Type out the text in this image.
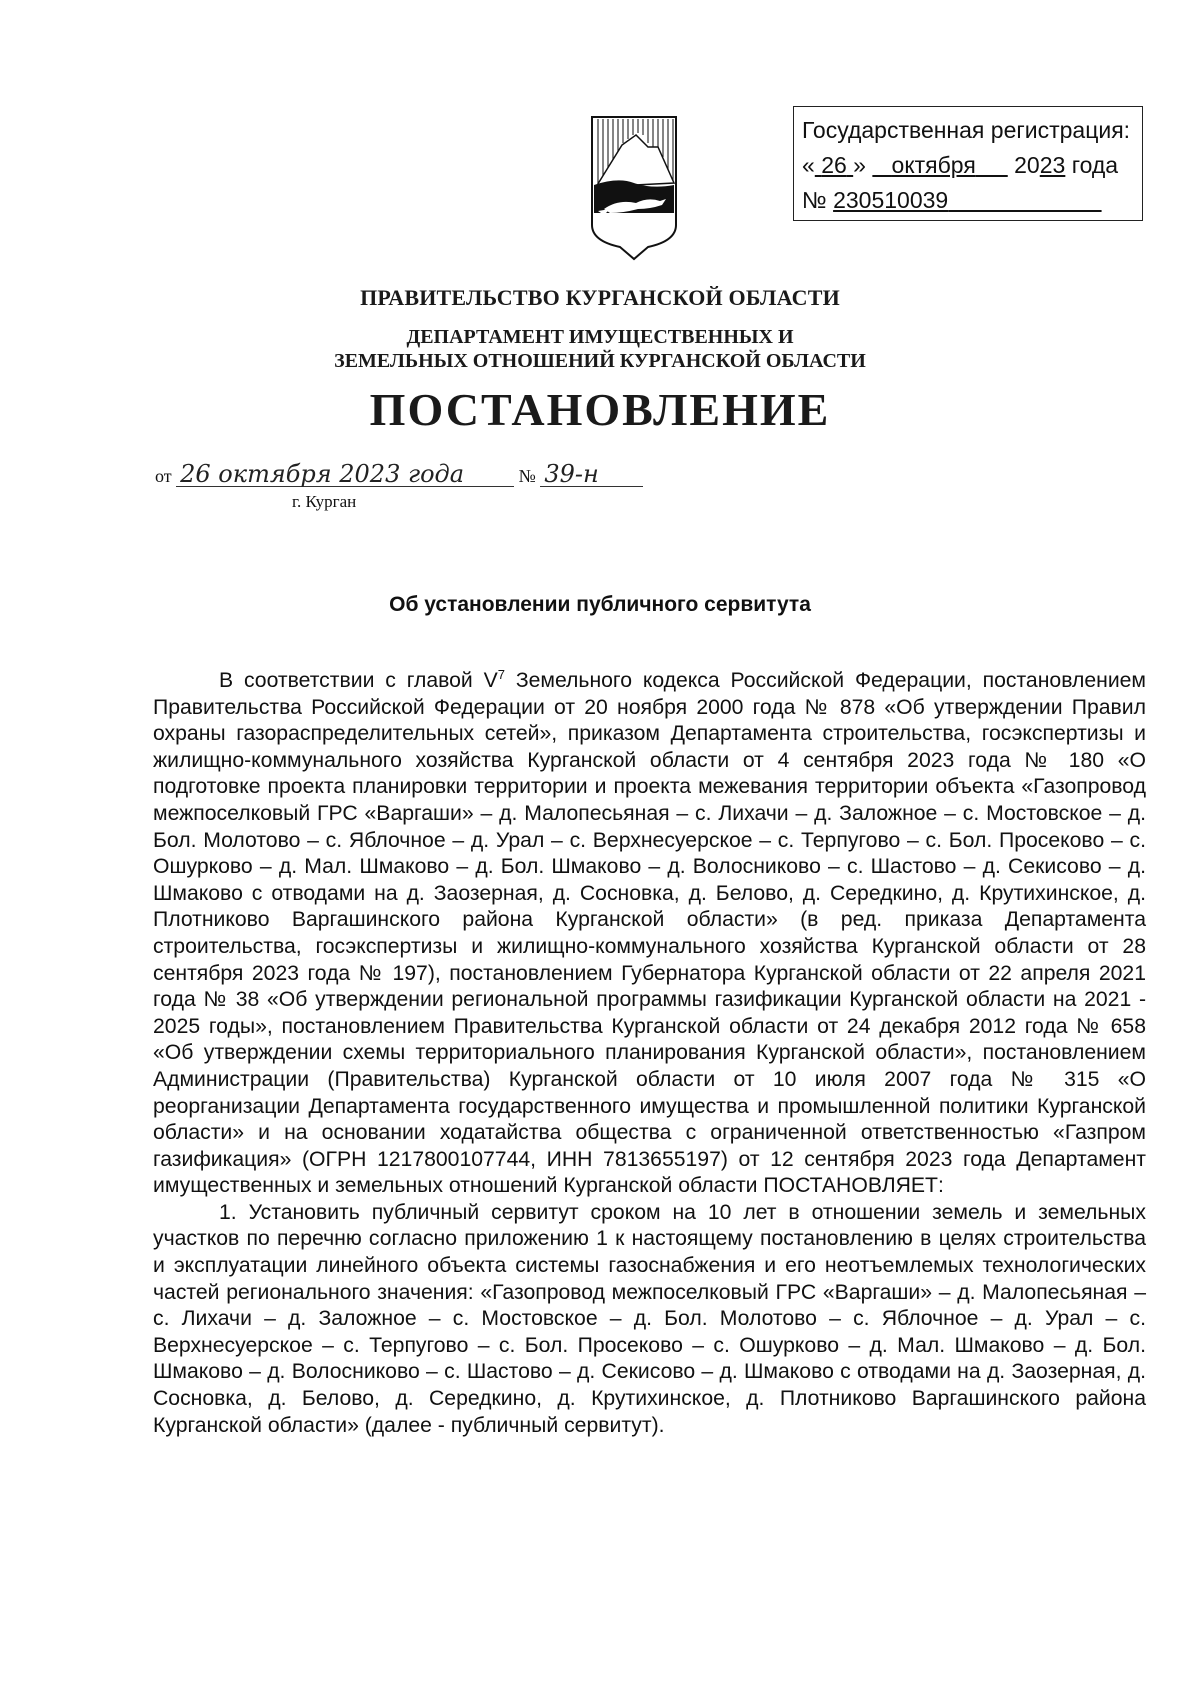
Государственная регистрация:
« 26 »    октября 2023 года
№ 230510039
ПРАВИТЕЛЬСТВО КУРГАНСКОЙ ОБЛАСТИ
ДЕПАРТАМЕНТ ИМУЩЕСТВЕННЫХ И
ЗЕМЕЛЬНЫХ ОТНОШЕНИЙ КУРГАНСКОЙ ОБЛАСТИ
ПОСТАНОВЛЕНИЕ
от 26 октября 2023 года	№ 39-н
г. Курган
Об установлении публичного сервитута

В соответствии с главой $V^7$ Земельного кодекса Российской Федерации, постановлением Правительства Российской Федерации от 20 ноября 2000 года № 878 «Об утверждении Правил охраны газораспределительных сетей», приказом Департамента строительства, госэкспертизы и жилищно-коммунального хозяйства Курганской области от 4 сентября 2023 года № 180 «О подготовке проекта планировки территории и проекта межевания территории объекта «Газопровод межпоселковый ГРС «Варгаши» – д. Малопесьяная – с. Лихачи – д. Заложное – с. Мостовское – д. Бол. Молотово – с. Яблочное – д. Урал – с. Верхнесуерское – с. Терпугово – с. Бол. Просеково – с. Ошурково – д. Мал. Шмаково – д. Бол. Шмаково – д. Волосниково – с. Шастово – д. Секисово – д. Шмаково с отводами на д. Заозерная, д. Сосновка, д. Белово, д. Середкино, д. Крутихинское, д. Плотниково Варгашинского района Курганской области» (в ред. приказа Департамента строительства, госэкспертизы и жилищно-коммунального хозяйства Курганской области от 28 сентября 2023 года № 197), постановлением Губернатора Курганской области от 22 апреля 2021 года № 38 «Об утверждении региональной программы газификации Курганской области на 2021 - 2025 годы», постановлением Правительства Курганской области от 24 декабря 2012 года № 658 «Об утверждении схемы территориального планирования Курганской области», постановлением Администрации (Правительства) Курганской области от 10 июля 2007 года № 315 «О реорганизации Департамента государственного имущества и промышленной политики Курганской области» и на основании ходатайства общества с ограниченной ответственностью «Газпром газификация» (ОГРН 1217800107744, ИНН 7813655197) от 12 сентября 2023 года Департамент имущественных и земельных отношений Курганской области ПОСТАНОВЛЯЕТ:

1. Установить публичный сервитут сроком на 10 лет в отношении земель и земельных участков по перечню согласно приложению 1 к настоящему постановлению в целях строительства и эксплуатации линейного объекта системы газоснабжения и его неотъемлемых технологических частей регионального значения: «Газопровод межпоселковый ГРС «Варгаши» – д. Малопесьяная – с. Лихачи – д. Заложное – с. Мостовское – д. Бол. Молотово – с. Яблочное – д. Урал – с. Верхнесуерское – с. Терпугово – с. Бол. Просеково – с. Ошурково – д. Мал. Шмаково – д. Бол. Шмаково – д. Волосниково – с. Шастово – д. Секисово – д. Шмаково с отводами на д. Заозерная, д. Сосновка, д. Белово, д. Середкино, д. Крутихинское, д. Плотниково Варгашинского района Курганской области» (далее - публичный сервитут).
